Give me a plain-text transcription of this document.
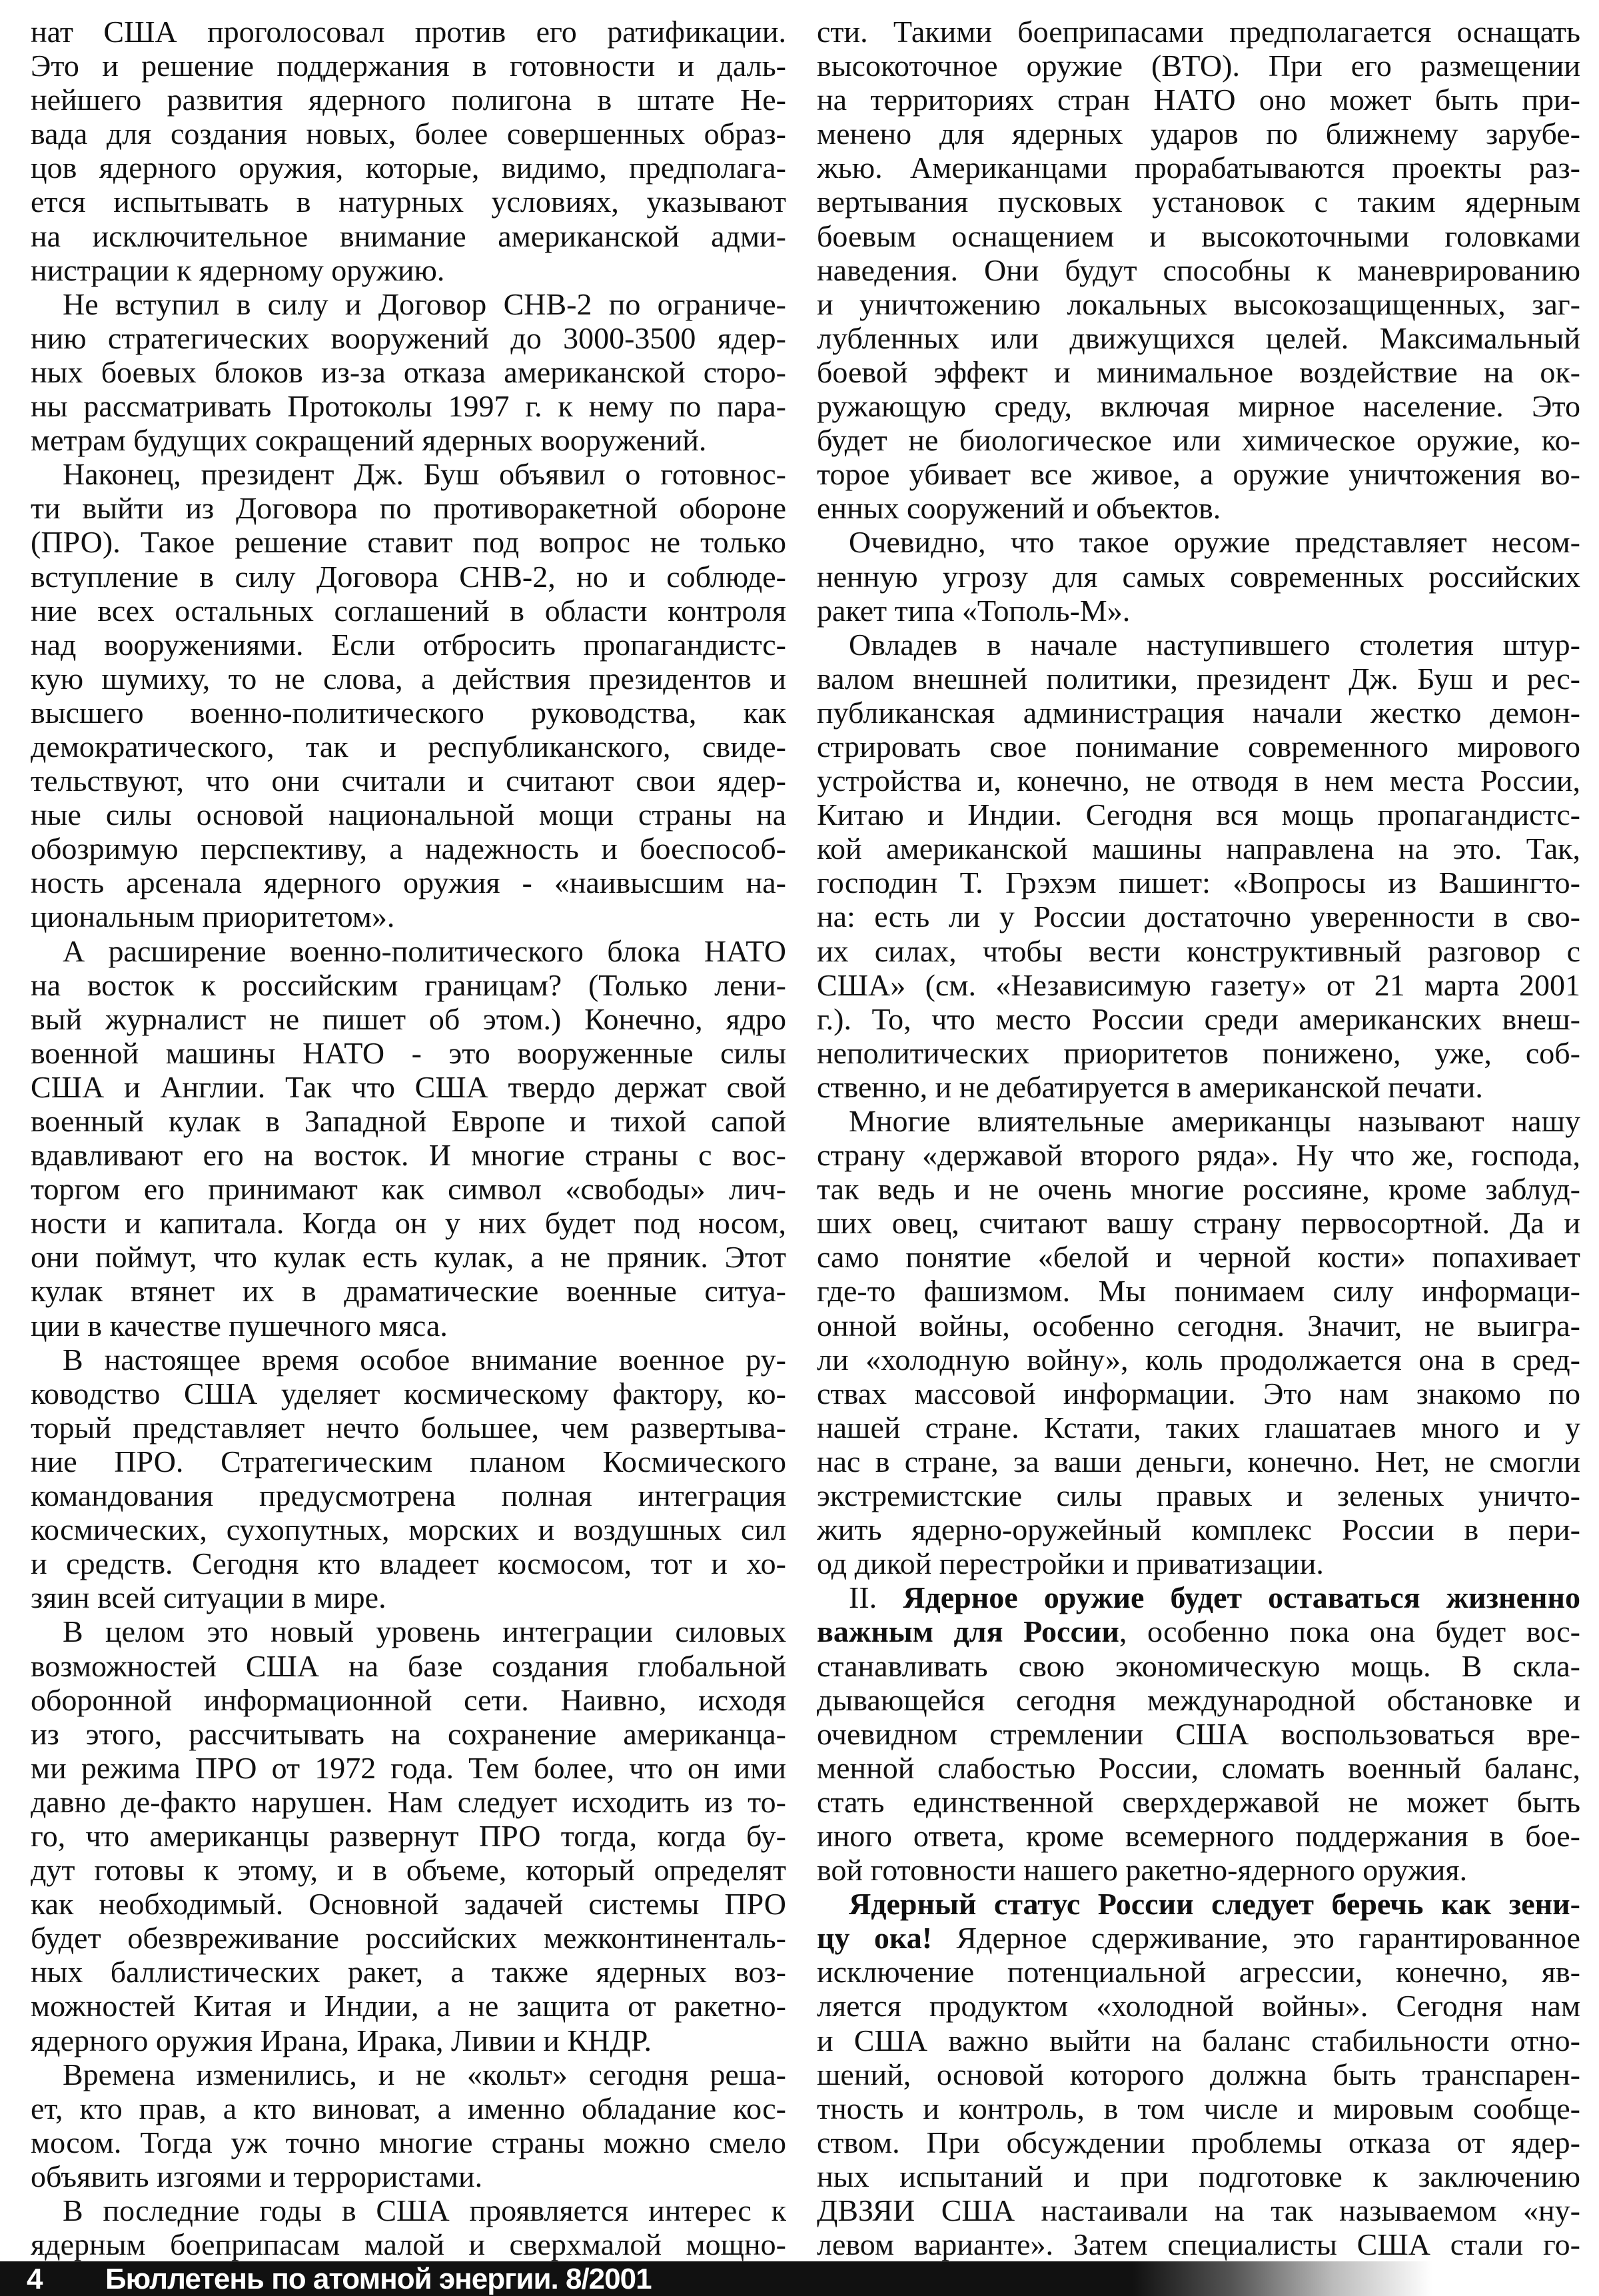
нат США проголосовал против его ратификации.
Это и решение поддержания в готовности и даль-
нейшего развития ядерного полигона в штате Не-
вада для создания новых, более совершенных образ-
цов ядерного оружия, которые, видимо, предполага-
ется испытывать в натурных условиях, указывают
на исключительное внимание американской адми-
нистрации к ядерному оружию.
Не вступил в силу и Договор СНВ-2 по ограниче-
нию стратегических вооружений до 3000-3500 ядер-
ных боевых блоков из-за отказа американской сторо-
ны рассматривать Протоколы 1997 г. к нему по пара-
метрам будущих сокращений ядерных вооружений.
Наконец, президент Дж. Буш объявил о готовнос-
ти выйти из Договора по противоракетной обороне
(ПРО). Такое решение ставит под вопрос не только
вступление в силу Договора СНВ-2, но и соблюде-
ние всех остальных соглашений в области контроля
над вооружениями. Если отбросить пропагандистс-
кую шумиху, то не слова, а действия президентов и
высшего военно-политического руководства, как
демократического, так и республиканского, свиде-
тельствуют, что они считали и считают свои ядер-
ные силы основой национальной мощи страны на
обозримую перспективу, а надежность и боеспособ-
ность арсенала ядерного оружия - «наивысшим на-
циональным приоритетом».
А расширение военно-политического блока НАТО
на восток к российским границам? (Только лени-
вый журналист не пишет об этом.) Конечно, ядро
военной машины НАТО - это вооруженные силы
США и Англии. Так что США твердо держат свой
военный кулак в Западной Европе и тихой сапой
вдавливают его на восток. И многие страны с вос-
торгом его принимают как символ «свободы» лич-
ности и капитала. Когда он у них будет под носом,
они поймут, что кулак есть кулак, а не пряник. Этот
кулак втянет их в драматические военные ситуа-
ции в качестве пушечного мяса.
В настоящее время особое внимание военное ру-
ководство США уделяет космическому фактору, ко-
торый представляет нечто большее, чем развертыва-
ние ПРО. Стратегическим планом Космического
командования предусмотрена полная интеграция
космических, сухопутных, морских и воздушных сил
и средств. Сегодня кто владеет космосом, тот и хо-
зяин всей ситуации в мире.
В целом это новый уровень интеграции силовых
возможностей США на базе создания глобальной
оборонной информационной сети. Наивно, исходя
из этого, рассчитывать на сохранение американца-
ми режима ПРО от 1972 года. Тем более, что он ими
давно де-факто нарушен. Нам следует исходить из то-
го, что американцы развернут ПРО тогда, когда бу-
дут готовы к этому, и в объеме, который определят
как необходимый. Основной задачей системы ПРО
будет обезвреживание российских межконтиненталь-
ных баллистических ракет, а также ядерных воз-
можностей Китая и Индии, а не защита от ракетно-
ядерного оружия Ирана, Ирака, Ливии и КНДР.
Времена изменились, и не «кольт» сегодня реша-
ет, кто прав, а кто виноват, а именно обладание кос-
мосом. Тогда уж точно многие страны можно смело
объявить изгоями и террористами.
В последние годы в США проявляется интерес к
ядерным боеприпасам малой и сверхмалой мощно-
сти. Такими боеприпасами предполагается оснащать
высокоточное оружие (ВТО). При его размещении
на территориях стран НАТО оно может быть при-
менено для ядерных ударов по ближнему зарубе-
жью. Американцами прорабатываются проекты раз-
вертывания пусковых установок с таким ядерным
боевым оснащением и высокоточными головками
наведения. Они будут способны к маневрированию
и уничтожению локальных высокозащищенных, заг-
лубленных или движущихся целей. Максимальный
боевой эффект и минимальное воздействие на ок-
ружающую среду, включая мирное население. Это
будет не биологическое или химическое оружие, ко-
торое убивает все живое, а оружие уничтожения во-
енных сооружений и объектов.
Очевидно, что такое оружие представляет несом-
ненную угрозу для самых современных российских
ракет типа «Тополь-М».
Овладев в начале наступившего столетия штур-
валом внешней политики, президент Дж. Буш и рес-
публиканская администрация начали жестко демон-
стрировать свое понимание современного мирового
устройства и, конечно, не отводя в нем места России,
Китаю и Индии. Сегодня вся мощь пропагандистс-
кой американской машины направлена на это. Так,
господин Т. Грэхэм пишет: «Вопросы из Вашингто-
на: есть ли у России достаточно уверенности в сво-
их силах, чтобы вести конструктивный разговор с
США» (см. «Независимую газету» от 21 марта 2001
г.). То, что место России среди американских внеш-
неполитических приоритетов понижено, уже, соб-
ственно, и не дебатируется в американской печати.
Многие влиятельные американцы называют нашу
страну «державой второго ряда». Ну что же, господа,
так ведь и не очень многие россияне, кроме заблуд-
ших овец, считают вашу страну первосортной. Да и
само понятие «белой и черной кости» попахивает
где-то фашизмом. Мы понимаем силу информаци-
онной войны, особенно сегодня. Значит, не выигра-
ли «холодную войну», коль продолжается она в сред-
ствах массовой информации. Это нам знакомо по
нашей стране. Кстати, таких глашатаев много и у
нас в стране, за ваши деньги, конечно. Нет, не смогли
экстремистские силы правых и зеленых уничто-
жить ядерно-оружейный комплекс России в пери-
од дикой перестройки и приватизации.
II. Ядерное оружие будет оставаться жизненно
важным для России, особенно пока она будет вос-
станавливать свою экономическую мощь. В скла-
дывающейся сегодня международной обстановке и
очевидном стремлении США воспользоваться вре-
менной слабостью России, сломать военный баланс,
стать единственной сверхдержавой не может быть
иного ответа, кроме всемерного поддержания в бое-
вой готовности нашего ракетно-ядерного оружия.
Ядерный статус России следует беречь как зени-
цу ока! Ядерное сдерживание, это гарантированное
исключение потенциальной агрессии, конечно, яв-
ляется продуктом «холодной войны». Сегодня нам
и США важно выйти на баланс стабильности отно-
шений, основой которого должна быть транспарен-
тность и контроль, в том числе и мировым сообще-
ством. При обсуждении проблемы отказа от ядер-
ных испытаний и при подготовке к заключению
ДВЗЯИ США настаивали на так называемом «ну-
левом варианте». Затем специалисты США стали го-
4 Бюллетень по атомной энергии. 8/2001
